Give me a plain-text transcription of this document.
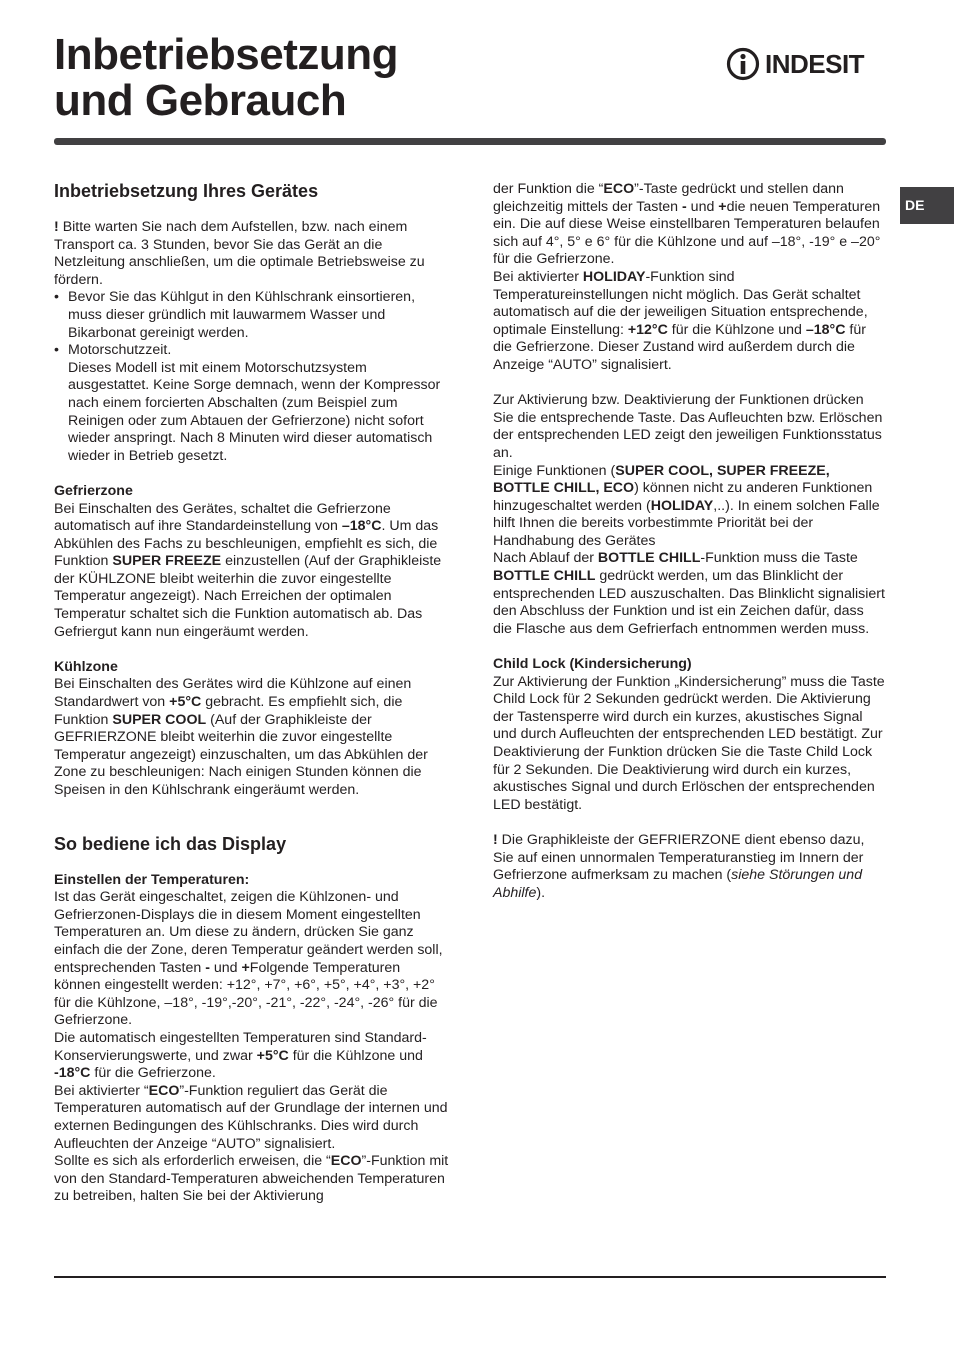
Inbetriebsetzung
und Gebrauch
INDESIT
DE
Inbetriebsetzung Ihres Gerätes

! Bitte warten Sie nach dem Aufstellen, bzw. nach einem Transport ca. 3 Stunden, bevor Sie das Gerät an die Netzleitung anschließen, um die optimale Betriebsweise zu fördern.

• Bevor Sie das Kühlgut in den Kühlschrank einsortieren, muss dieser gründlich mit lauwarmem Wasser und Bikarbonat gereinigt werden.

• Motorschutzzeit.

Dieses Modell ist mit einem Motorschutzsystem ausgestattet. Keine Sorge demnach, wenn der Kompressor nach einem forcierten Abschalten (zum Beispiel zum Reinigen oder zum Abtauen der Gefrierzone) nicht sofort wieder anspringt. Nach 8 Minuten wird dieser automatisch wieder in Betrieb gesetzt.

Gefrierzone

Bei Einschalten des Gerätes, schaltet die Gefrierzone automatisch auf ihre Standardeinstellung von –18°C. Um das Abkühlen des Fachs zu beschleunigen, empfiehlt es sich, die Funktion SUPER FREEZE einzustellen (Auf der Graphikleiste der KÜHLZONE bleibt weiterhin die zuvor eingestellte Temperatur angezeigt). Nach Erreichen der optimalen Temperatur schaltet sich die Funktion automatisch ab. Das Gefriergut kann nun eingeräumt werden.

Kühlzone

Bei Einschalten des Gerätes wird die Kühlzone auf einen Standardwert von +5°C gebracht. Es empfiehlt sich, die Funktion SUPER COOL (Auf der Graphikleiste der GEFRIERZONE bleibt weiterhin die zuvor eingestellte Temperatur angezeigt) einzuschalten, um das Abkühlen der Zone zu beschleunigen: Nach einigen Stunden können die Speisen in den Kühlschrank eingeräumt werden.

So bediene ich das Display

Einstellen der Temperaturen:

Ist das Gerät eingeschaltet, zeigen die Kühlzonen- und Gefrierzonen-Displays die in diesem Moment eingestellten Temperaturen an. Um diese zu ändern, drücken Sie ganz einfach die der Zone, deren Temperatur geändert werden soll, entsprechenden Tasten - und +Folgende Temperaturen können eingestellt werden: +12°, +7°, +6°, +5°, +4°, +3°, +2° für die Kühlzone, –18°, -19°,-20°, -21°, -22°, -24°, -26° für die Gefrierzone.

Die automatisch eingestellten Temperaturen sind Standard-Konservierungswerte, und zwar +5°C für die Kühlzone und -18°C für die Gefrierzone.

Bei aktivierter “ECO”-Funktion reguliert das Gerät die Temperaturen automatisch auf der Grundlage der internen und externen Bedingungen des Kühlschranks. Dies wird durch Aufleuchten der Anzeige “AUTO” signalisiert.

Sollte es sich als erforderlich erweisen, die “ECO”-Funktion mit von den Standard-Temperaturen abweichenden Temperaturen zu betreiben, halten Sie bei der Aktivierung

der Funktion die “ECO”-Taste gedrückt und stellen dann gleichzeitig mittels der Tasten - und +die neuen Temperaturen ein. Die auf diese Weise einstellbaren Temperaturen belaufen sich auf 4°, 5° e 6° für die Kühlzone und auf –18°, -19° e –20° für die Gefrierzone.

Bei aktivierter HOLIDAY-Funktion sind Temperatureinstellungen nicht möglich. Das Gerät schaltet automatisch auf die der jeweiligen Situation entsprechende, optimale Einstellung: +12°C für die Kühlzone und –18°C für die Gefrierzone. Dieser Zustand wird außerdem durch die Anzeige “AUTO” signalisiert.

Zur Aktivierung bzw. Deaktivierung der Funktionen drücken Sie die entsprechende Taste. Das Aufleuchten bzw. Erlöschen der entsprechenden LED zeigt den jeweiligen Funktionsstatus an.

Einige Funktionen (SUPER COOL, SUPER FREEZE, BOTTLE CHILL, ECO) können nicht zu anderen Funktionen hinzugeschaltet werden (HOLIDAY,..). In einem solchen Falle hilft Ihnen die bereits vorbestimmte Priorität bei der Handhabung des Gerätes

Nach Ablauf der BOTTLE CHILL-Funktion muss die Taste BOTTLE CHILL gedrückt werden, um das Blinklicht der entsprechenden LED auszuschalten. Das Blinklicht signalisiert den Abschluss der Funktion und ist ein Zeichen dafür, dass die Flasche aus dem Gefrierfach entnommen werden muss.

Child Lock (Kindersicherung)

Zur Aktivierung der Funktion „Kindersicherung” muss die Taste Child Lock für 2 Sekunden gedrückt werden. Die Aktivierung der Tastensperre wird durch ein kurzes, akustisches Signal und durch Aufleuchten der entsprechenden LED bestätigt. Zur Deaktivierung der Funktion drücken Sie die Taste Child Lock für 2 Sekunden. Die Deaktivierung wird durch ein kurzes, akustisches Signal und durch Erlöschen der entsprechenden LED bestätigt.

! Die Graphikleiste der GEFRIERZONE dient ebenso dazu, Sie auf einen unnormalen Temperaturanstieg im Innern der Gefrierzone aufmerksam zu machen (siehe Störungen und Abhilfe).
